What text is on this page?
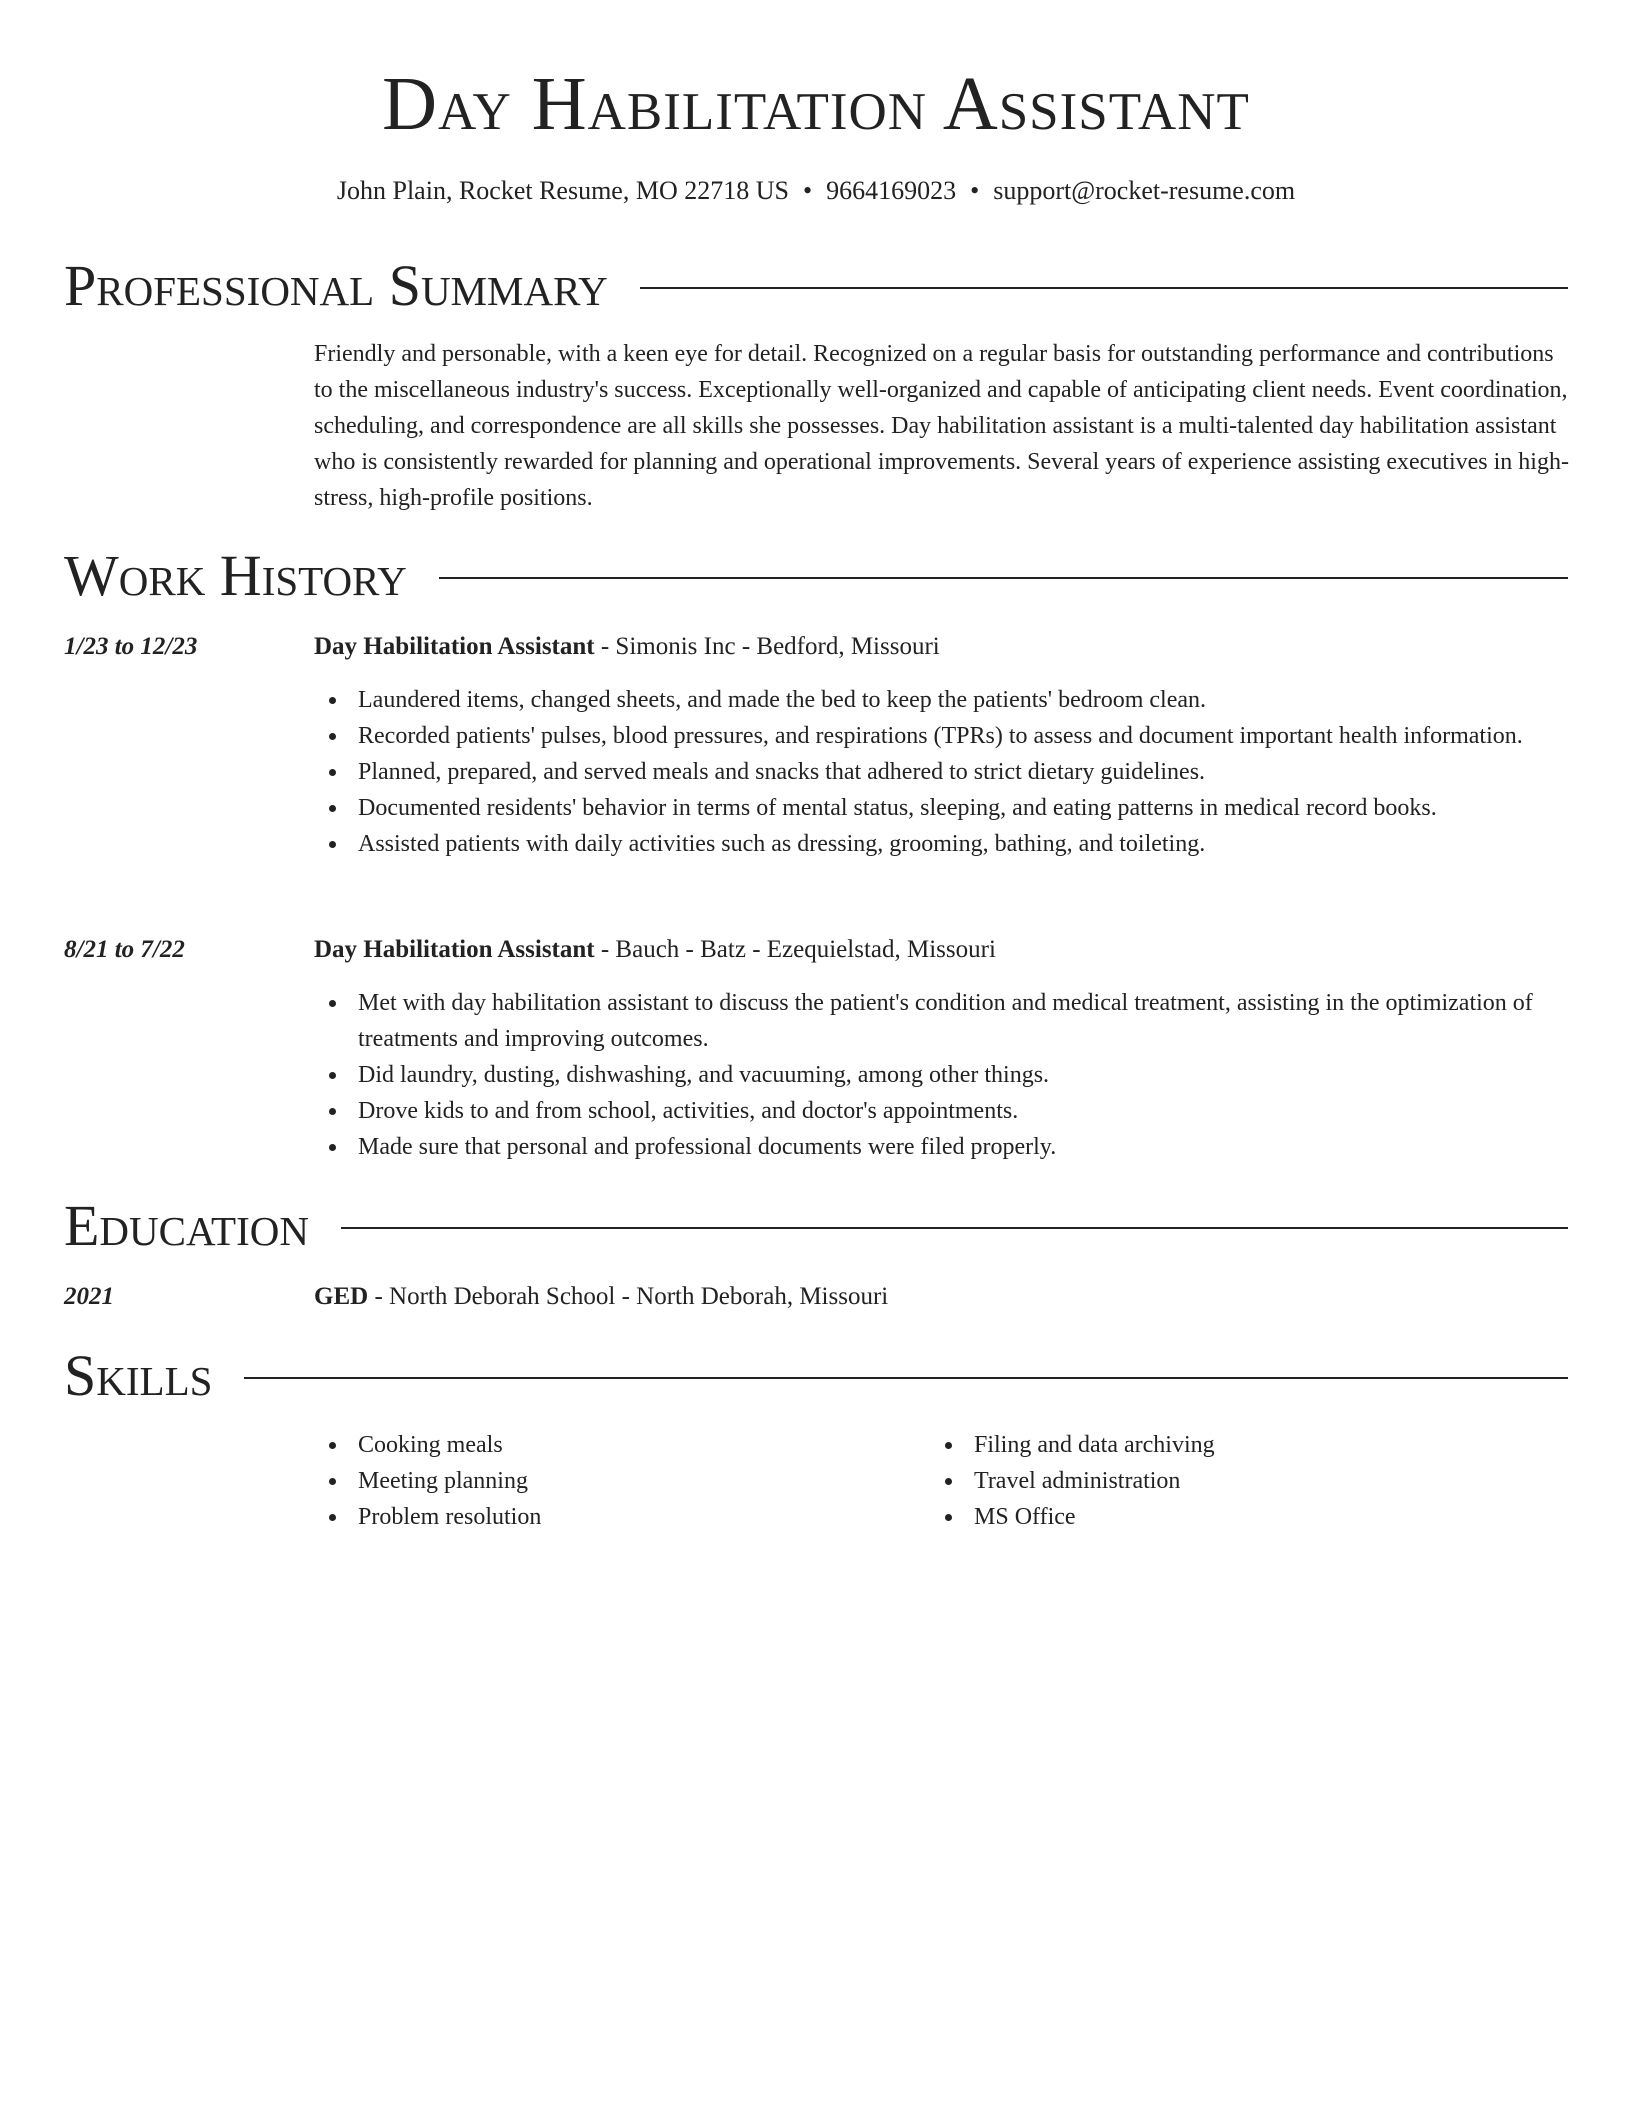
Day Habilitation Assistant
John Plain, Rocket Resume, MO 22718 US • 9664169023 • support@rocket-resume.com
Professional Summary

Friendly and personable, with a keen eye for detail. Recognized on a regular basis for outstanding performance and contributions to the miscellaneous industry's success. Exceptionally well-organized and capable of anticipating client needs. Event coordination, scheduling, and correspondence are all skills she possesses. Day habilitation assistant is a multi-talented day habilitation assistant who is consistently rewarded for planning and operational improvements. Several years of experience assisting executives in high-stress, high-profile positions.

Work History
1/23 to 12/23	Day Habilitation Assistant - Simonis Inc - Bedford, Missouri
Laundered items, changed sheets, and made the bed to keep the patients' bedroom clean.
Recorded patients' pulses, blood pressures, and respirations (TPRs) to assess and document important health information.
Planned, prepared, and served meals and snacks that adhered to strict dietary guidelines.
Documented residents' behavior in terms of mental status, sleeping, and eating patterns in medical record books.
Assisted patients with daily activities such as dressing, grooming, bathing, and toileting.
8/21 to 7/22	Day Habilitation Assistant - Bauch - Batz - Ezequielstad, Missouri
Met with day habilitation assistant to discuss the patient's condition and medical treatment, assisting in the optimization of treatments and improving outcomes.
Did laundry, dusting, dishwashing, and vacuuming, among other things.
Drove kids to and from school, activities, and doctor's appointments.
Made sure that personal and professional documents were filed properly.
Education
2021	GED - North Deborah School - North Deborah, Missouri
Skills
Cooking meals
Meeting planning
Problem resolution
Filing and data archiving
Travel administration
MS Office
